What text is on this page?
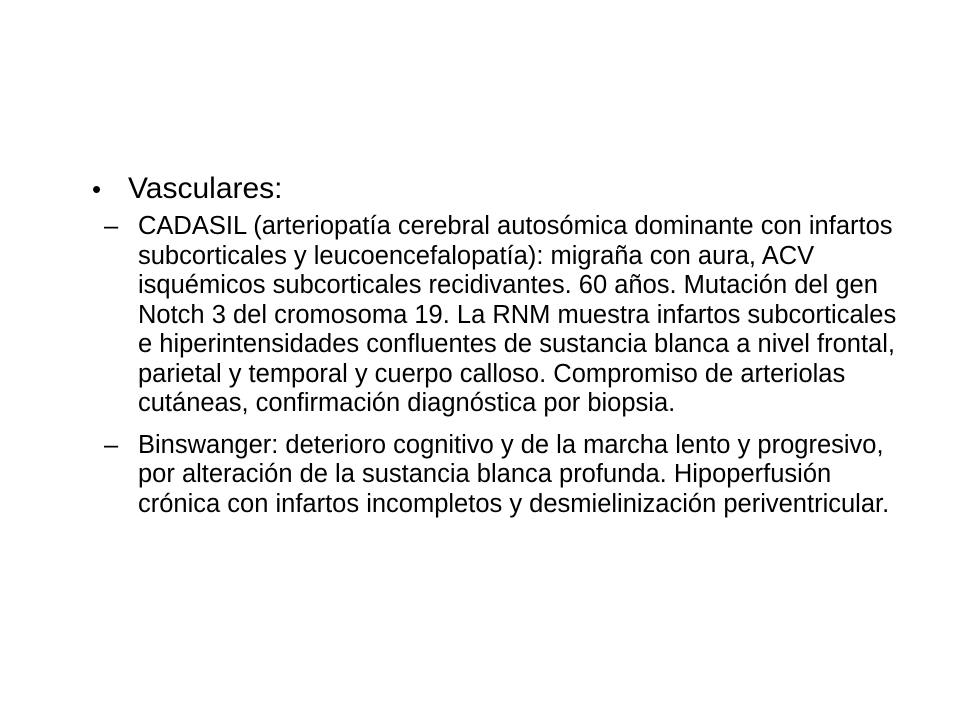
• Vasculares:
– CADASIL (arteriopatía cerebral autosómica dominante con infartos subcorticales y leucoencefalopatía): migraña con aura, ACV isquémicos subcorticales recidivantes. 60 años. Mutación del gen Notch 3 del cromosoma 19. La RNM muestra infartos subcorticales e hiperintensidades confluentes de sustancia blanca a nivel frontal, parietal y temporal y cuerpo calloso. Compromiso de arteriolas cutáneas, confirmación diagnóstica por biopsia.
– Binswanger: deterioro cognitivo y de la marcha lento y progresivo, por alteración de la sustancia blanca profunda. Hipoperfusión crónica con infartos incompletos y desmielinización periventricular.
